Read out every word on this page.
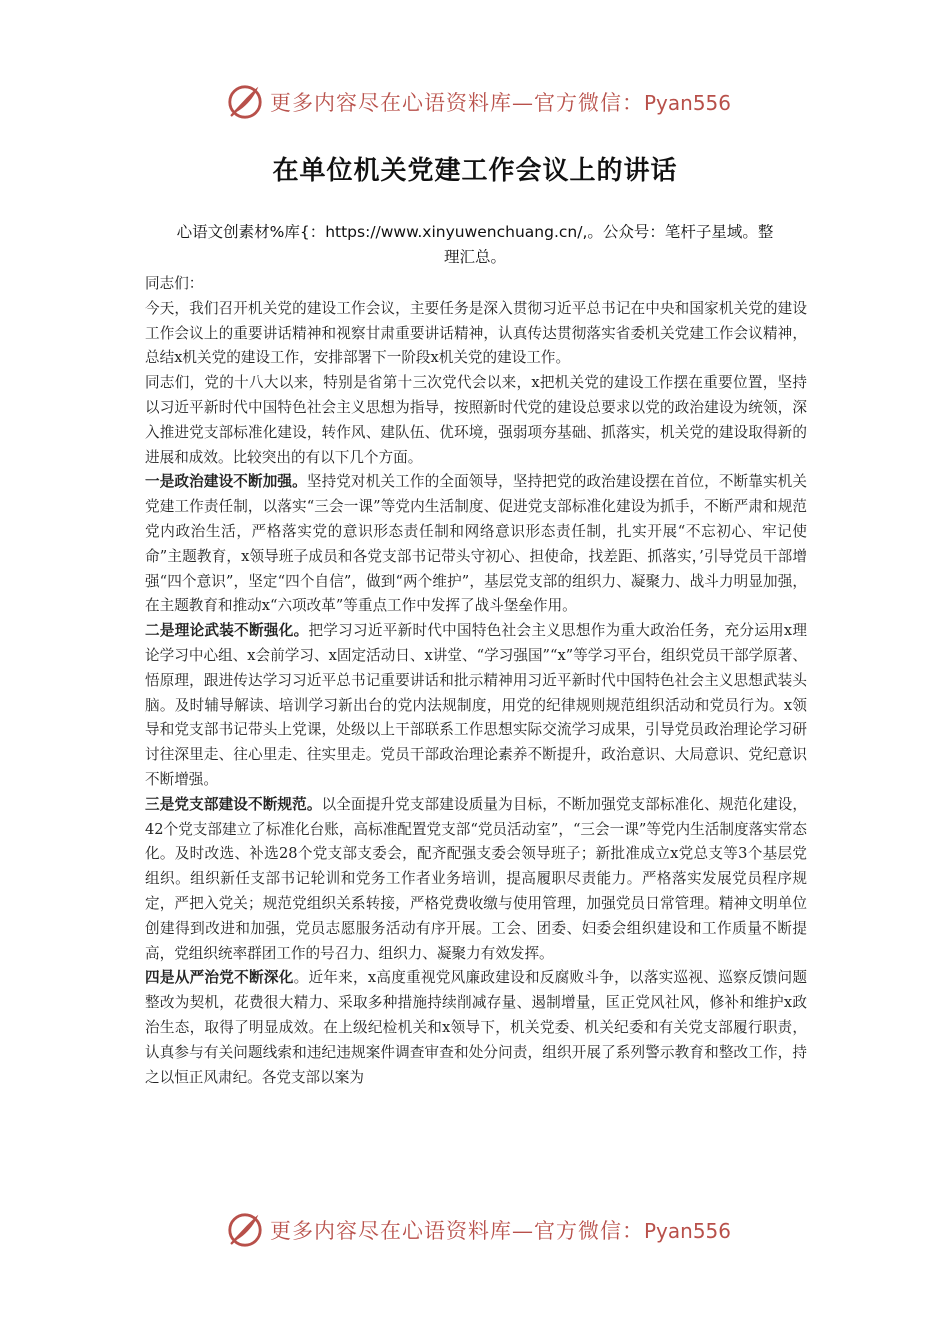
更多内容尽在心语资料库—官方微信：Pyan556
在单位机关党建工作会议上的讲话
心语文创素材%库{：https://www.xinyuwenchuang.cn/,。公众号：笔杆子星域。整
理汇总。

同志们：

今天，我们召开机关党的建设工作会议，主要任务是深入贯彻习近平总书记在中央和国家机关党的建设工作会议上的重要讲话精神和视察甘肃重要讲话精神，认真传达贯彻落实省委机关党建工作会议精神，总结x机关党的建设工作，安排部署下一阶段x机关党的建设工作。

同志们，党的十八大以来，特别是省第十三次党代会以来，x把机关党的建设工作摆在重要位置，坚持以习近平新时代中国特色社会主义思想为指导，按照新时代党的建设总要求以党的政治建设为统领，深入推进党支部标准化建设，转作风、建队伍、优环境，强弱项夯基础、抓落实，机关党的建设取得新的进展和成效。比较突出的有以下几个方面。

一是政治建设不断加强。坚持党对机关工作的全面领导，坚持把党的政治建设摆在首位，不断靠实机关党建工作责任制，以落实“三会一课”等党内生活制度、促进党支部标准化建设为抓手，不断严肃和规范党内政治生活，严格落实党的意识形态责任制和网络意识形态责任制，扎实开展“不忘初心、牢记使命”主题教育，x领导班子成员和各党支部书记带头守初心、担使命，找差距、抓落实，’引导党员干部增强“四个意识”，坚定“四个自信”，做到“两个维护”，基层党支部的组织力、凝聚力、战斗力明显加强，在主题教育和推动x“六项改革”等重点工作中发挥了战斗堡垒作用。

二是理论武装不断强化。把学习习近平新时代中国特色社会主义思想作为重大政治任务，充分运用x理论学习中心组、x会前学习、x固定活动日、x讲堂、“学习强国”“x”等学习平台，组织党员干部学原著、悟原理，跟进传达学习习近平总书记重要讲话和批示精神用习近平新时代中国特色社会主义思想武装头脑。及时辅导解读、培训学习新出台的党内法规制度，用党的纪律规则规范组织活动和党员行为。x领导和党支部书记带头上党课，处级以上干部联系工作思想实际交流学习成果，引导党员政治理论学习研讨往深里走、往心里走、往实里走。党员干部政治理论素养不断提升，政治意识、大局意识、党纪意识不断增强。

三是党支部建设不断规范。以全面提升党支部建设质量为目标，不断加强党支部标准化、规范化建设，42个党支部建立了标准化台账，高标准配置党支部“党员活动室”，“三会一课”等党内生活制度落实常态化。及时改选、补选28个党支部支委会，配齐配强支委会领导班子；新批准成立x党总支等3个基层党组织。组织新任支部书记轮训和党务工作者业务培训，提高履职尽责能力。严格落实发展党员程序规定，严把入党关；规范党组织关系转接，严格党费收缴与使用管理，加强党员日常管理。精神文明单位创建得到改进和加强，党员志愿服务活动有序开展。工会、团委、妇委会组织建设和工作质量不断提高，党组织统率群团工作的号召力、组织力、凝聚力有效发挥。

四是从严治党不断深化。近年来，x高度重视党风廉政建设和反腐败斗争，以落实巡视、巡察反馈问题整改为契机，花费很大精力、采取多种措施持续削减存量、遏制增量，匡正党风社风，修补和维护x政治生态，取得了明显成效。在上级纪检机关和x领导下，机关党委、机关纪委和有关党支部履行职责，认真参与有关问题线索和违纪违规案件调查审查和处分问责，组织开展了系列警示教育和整改工作，持之以恒正风肃纪。各党支部以案为

更多内容尽在心语资料库—官方微信：Pyan556
